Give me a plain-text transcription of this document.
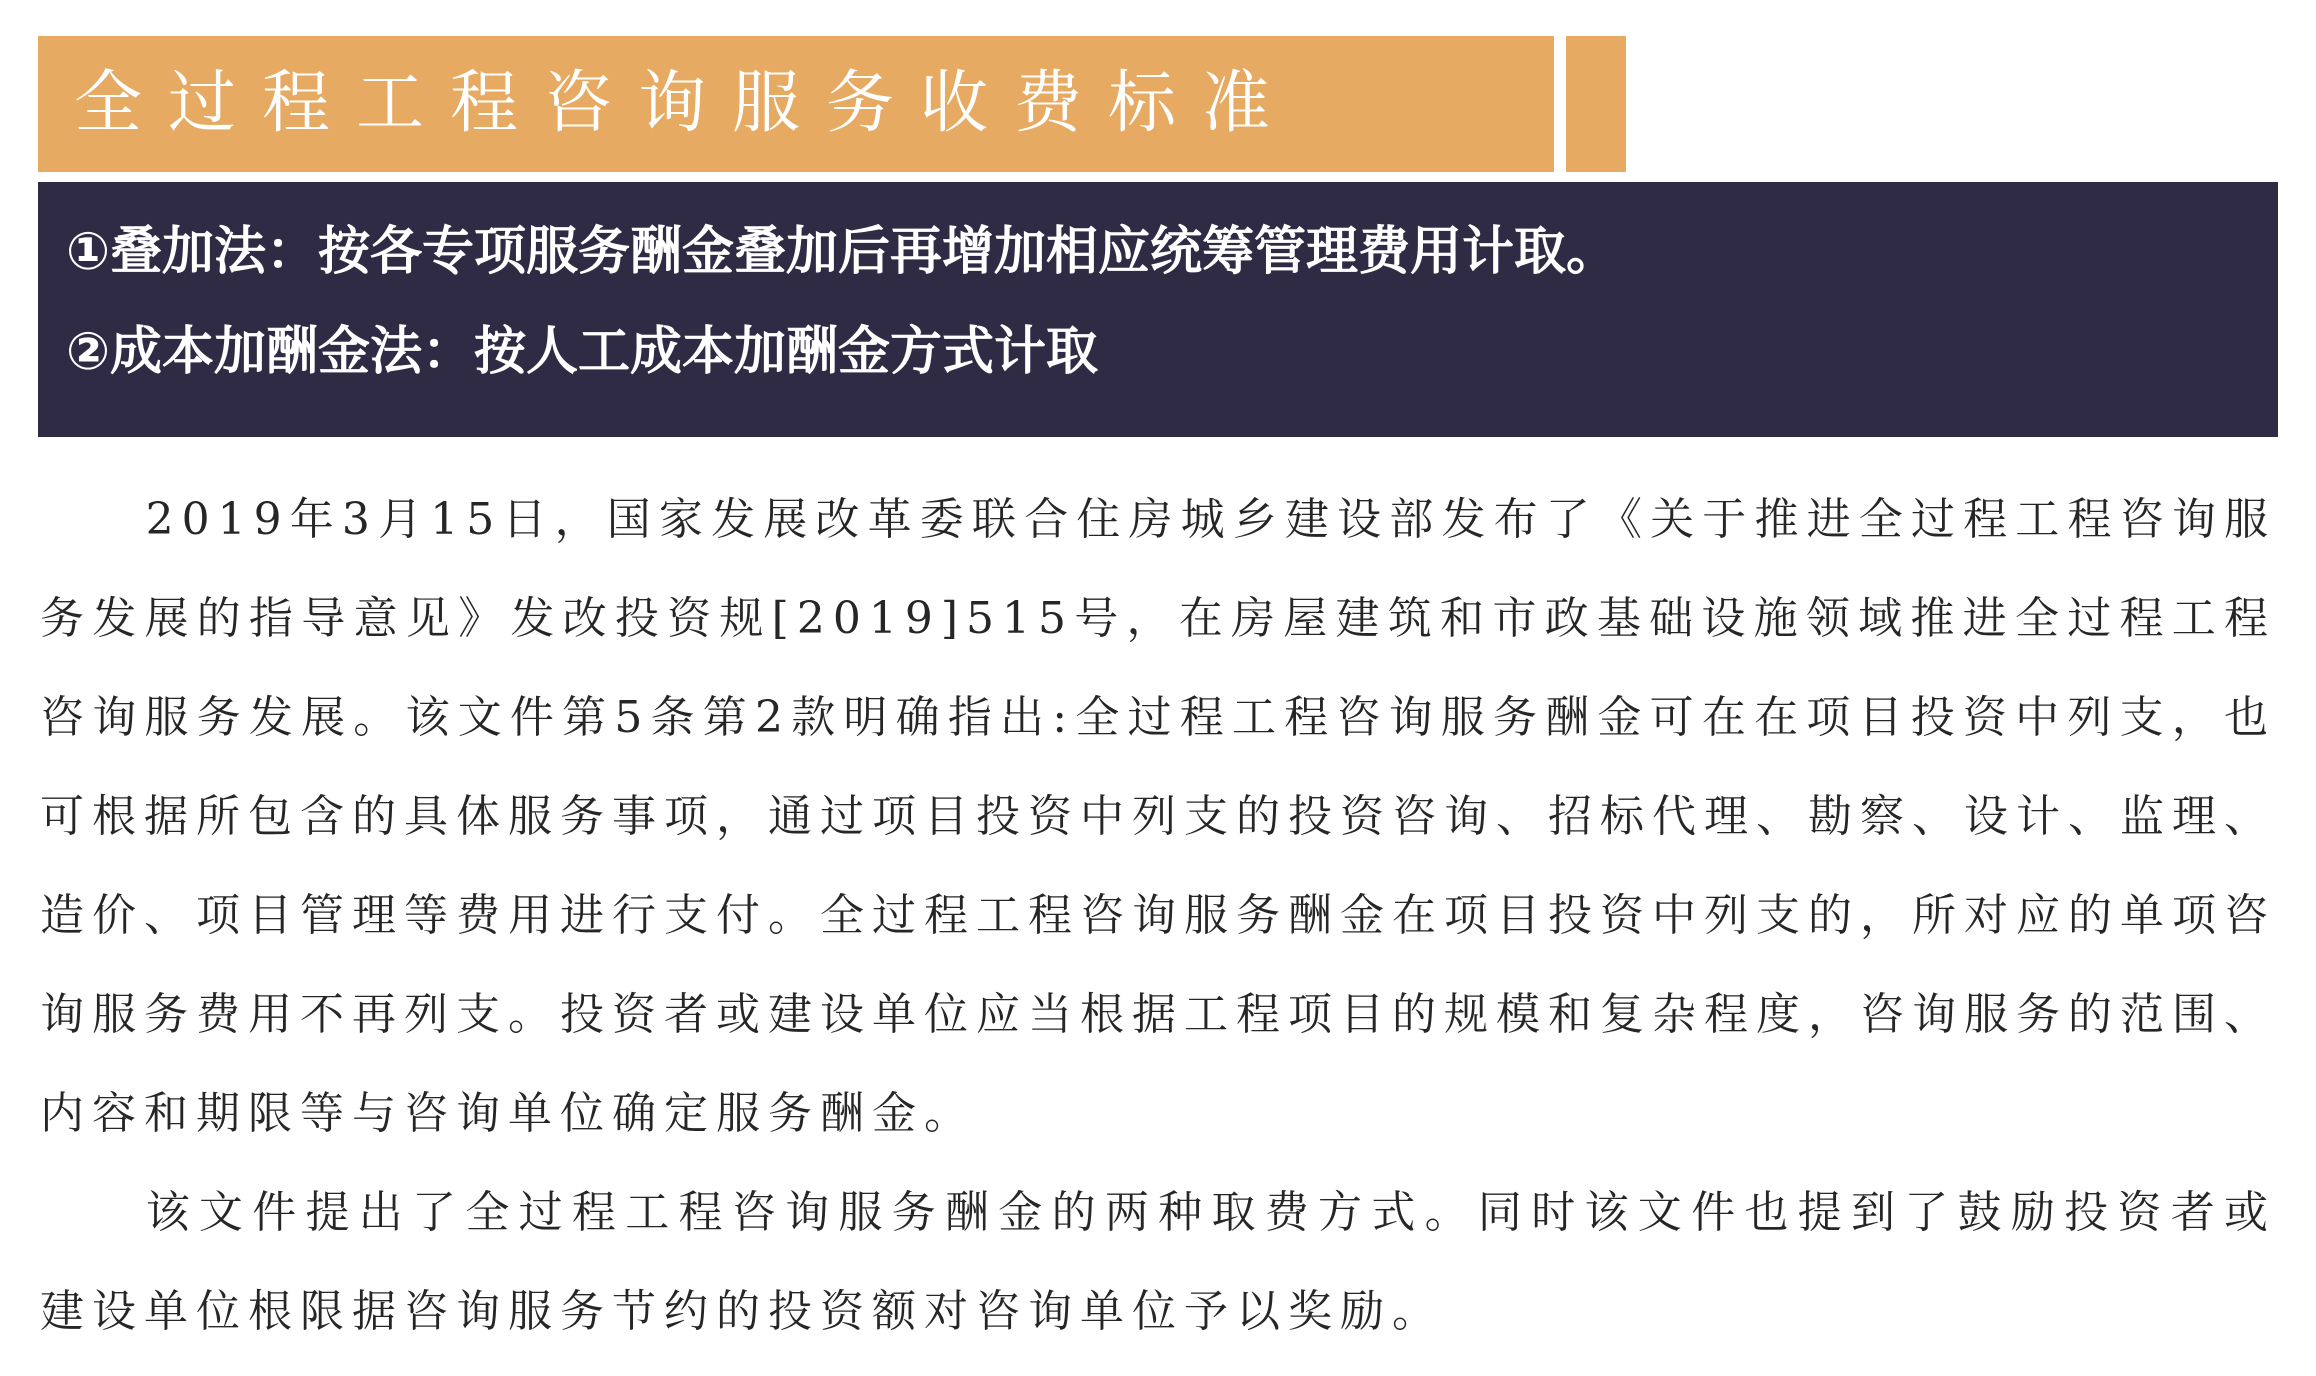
全过程工程咨询服务收费标准
①叠加法：按各专项服务酬金叠加后再增加相应统筹管理费用计取。
②成本加酬金法：按人工成本加酬金方式计取

2019年3月15日，国家发展改革委联合住房城乡建设部发布了《关于推进全过程工程咨询服务发展的指导意见》发改投资规[2019]515号，在房屋建筑和市政基础设施领域推进全过程工程咨询服务发展。该文件第5条第2款明确指出:全过程工程咨询服务酬金可在在项目投资中列支，也可根据所包含的具体服务事项，通过项目投资中列支的投资咨询、招标代理、勘察、设计、监理、造价、项目管理等费用进行支付。全过程工程咨询服务酬金在项目投资中列支的，所对应的单项咨询服务费用不再列支。投资者或建设单位应当根据工程项目的规模和复杂程度，咨询服务的范围、内容和期限等与咨询单位确定服务酬金。

该文件提出了全过程工程咨询服务酬金的两种取费方式。同时该文件也提到了鼓励投资者或建设单位根限据咨询服务节约的投资额对咨询单位予以奖励。
